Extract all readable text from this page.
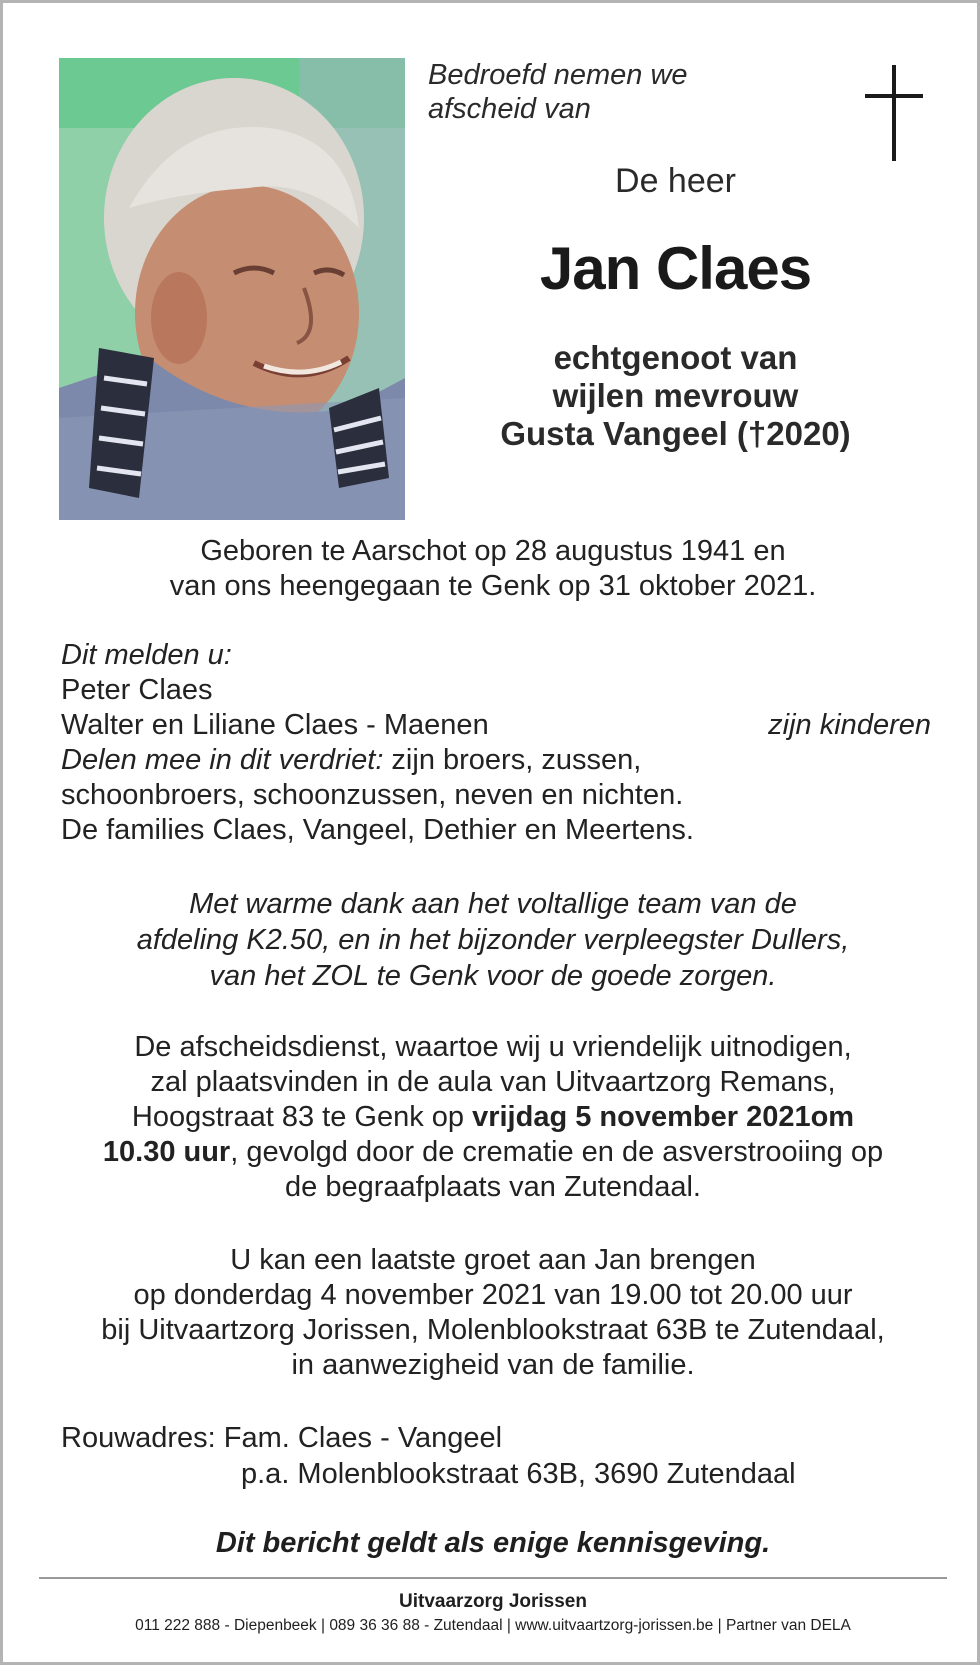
Bedroefd nemen we
afscheid van
De heer
Jan Claes
echtgenoot van
wijlen mevrouw
Gusta Vangeel (†2020)
Geboren te Aarschot op 28 augustus 1941 en
van ons heengegaan te Genk op 31 oktober 2021.
Dit melden u:
Peter Claes
Walter en Liliane Claes - Maenen	zijn kinderen
Delen mee in dit verdriet: zijn broers, zussen,
schoonbroers, schoonzussen, neven en nichten.
De families Claes, Vangeel, Dethier en Meertens.
Met warme dank aan het voltallige team van de
afdeling K2.50, en in het bijzonder verpleegster Dullers,
van het ZOL te Genk voor de goede zorgen.
De afscheidsdienst, waartoe wij u vriendelijk uitnodigen,
zal plaatsvinden in de aula van Uitvaartzorg Remans,
Hoogstraat 83 te Genk op vrijdag 5 november 2021om
10.30 uur, gevolgd door de crematie en de asverstrooiing op
de begraafplaats van Zutendaal.
U kan een laatste groet aan Jan brengen
op donderdag 4 november 2021 van 19.00 tot 20.00 uur
bij Uitvaartzorg Jorissen, Molenblookstraat 63B te Zutendaal,
in aanwezigheid van de familie.
Rouwadres: Fam. Claes - Vangeel
p.a. Molenblookstraat 63B, 3690 Zutendaal
Dit bericht geldt als enige kennisgeving.
Uitvaarzorg Jorissen
011 222 888 - Diepenbeek | 089 36 36 88 - Zutendaal | www.uitvaartzorg-jorissen.be | Partner van DELA
